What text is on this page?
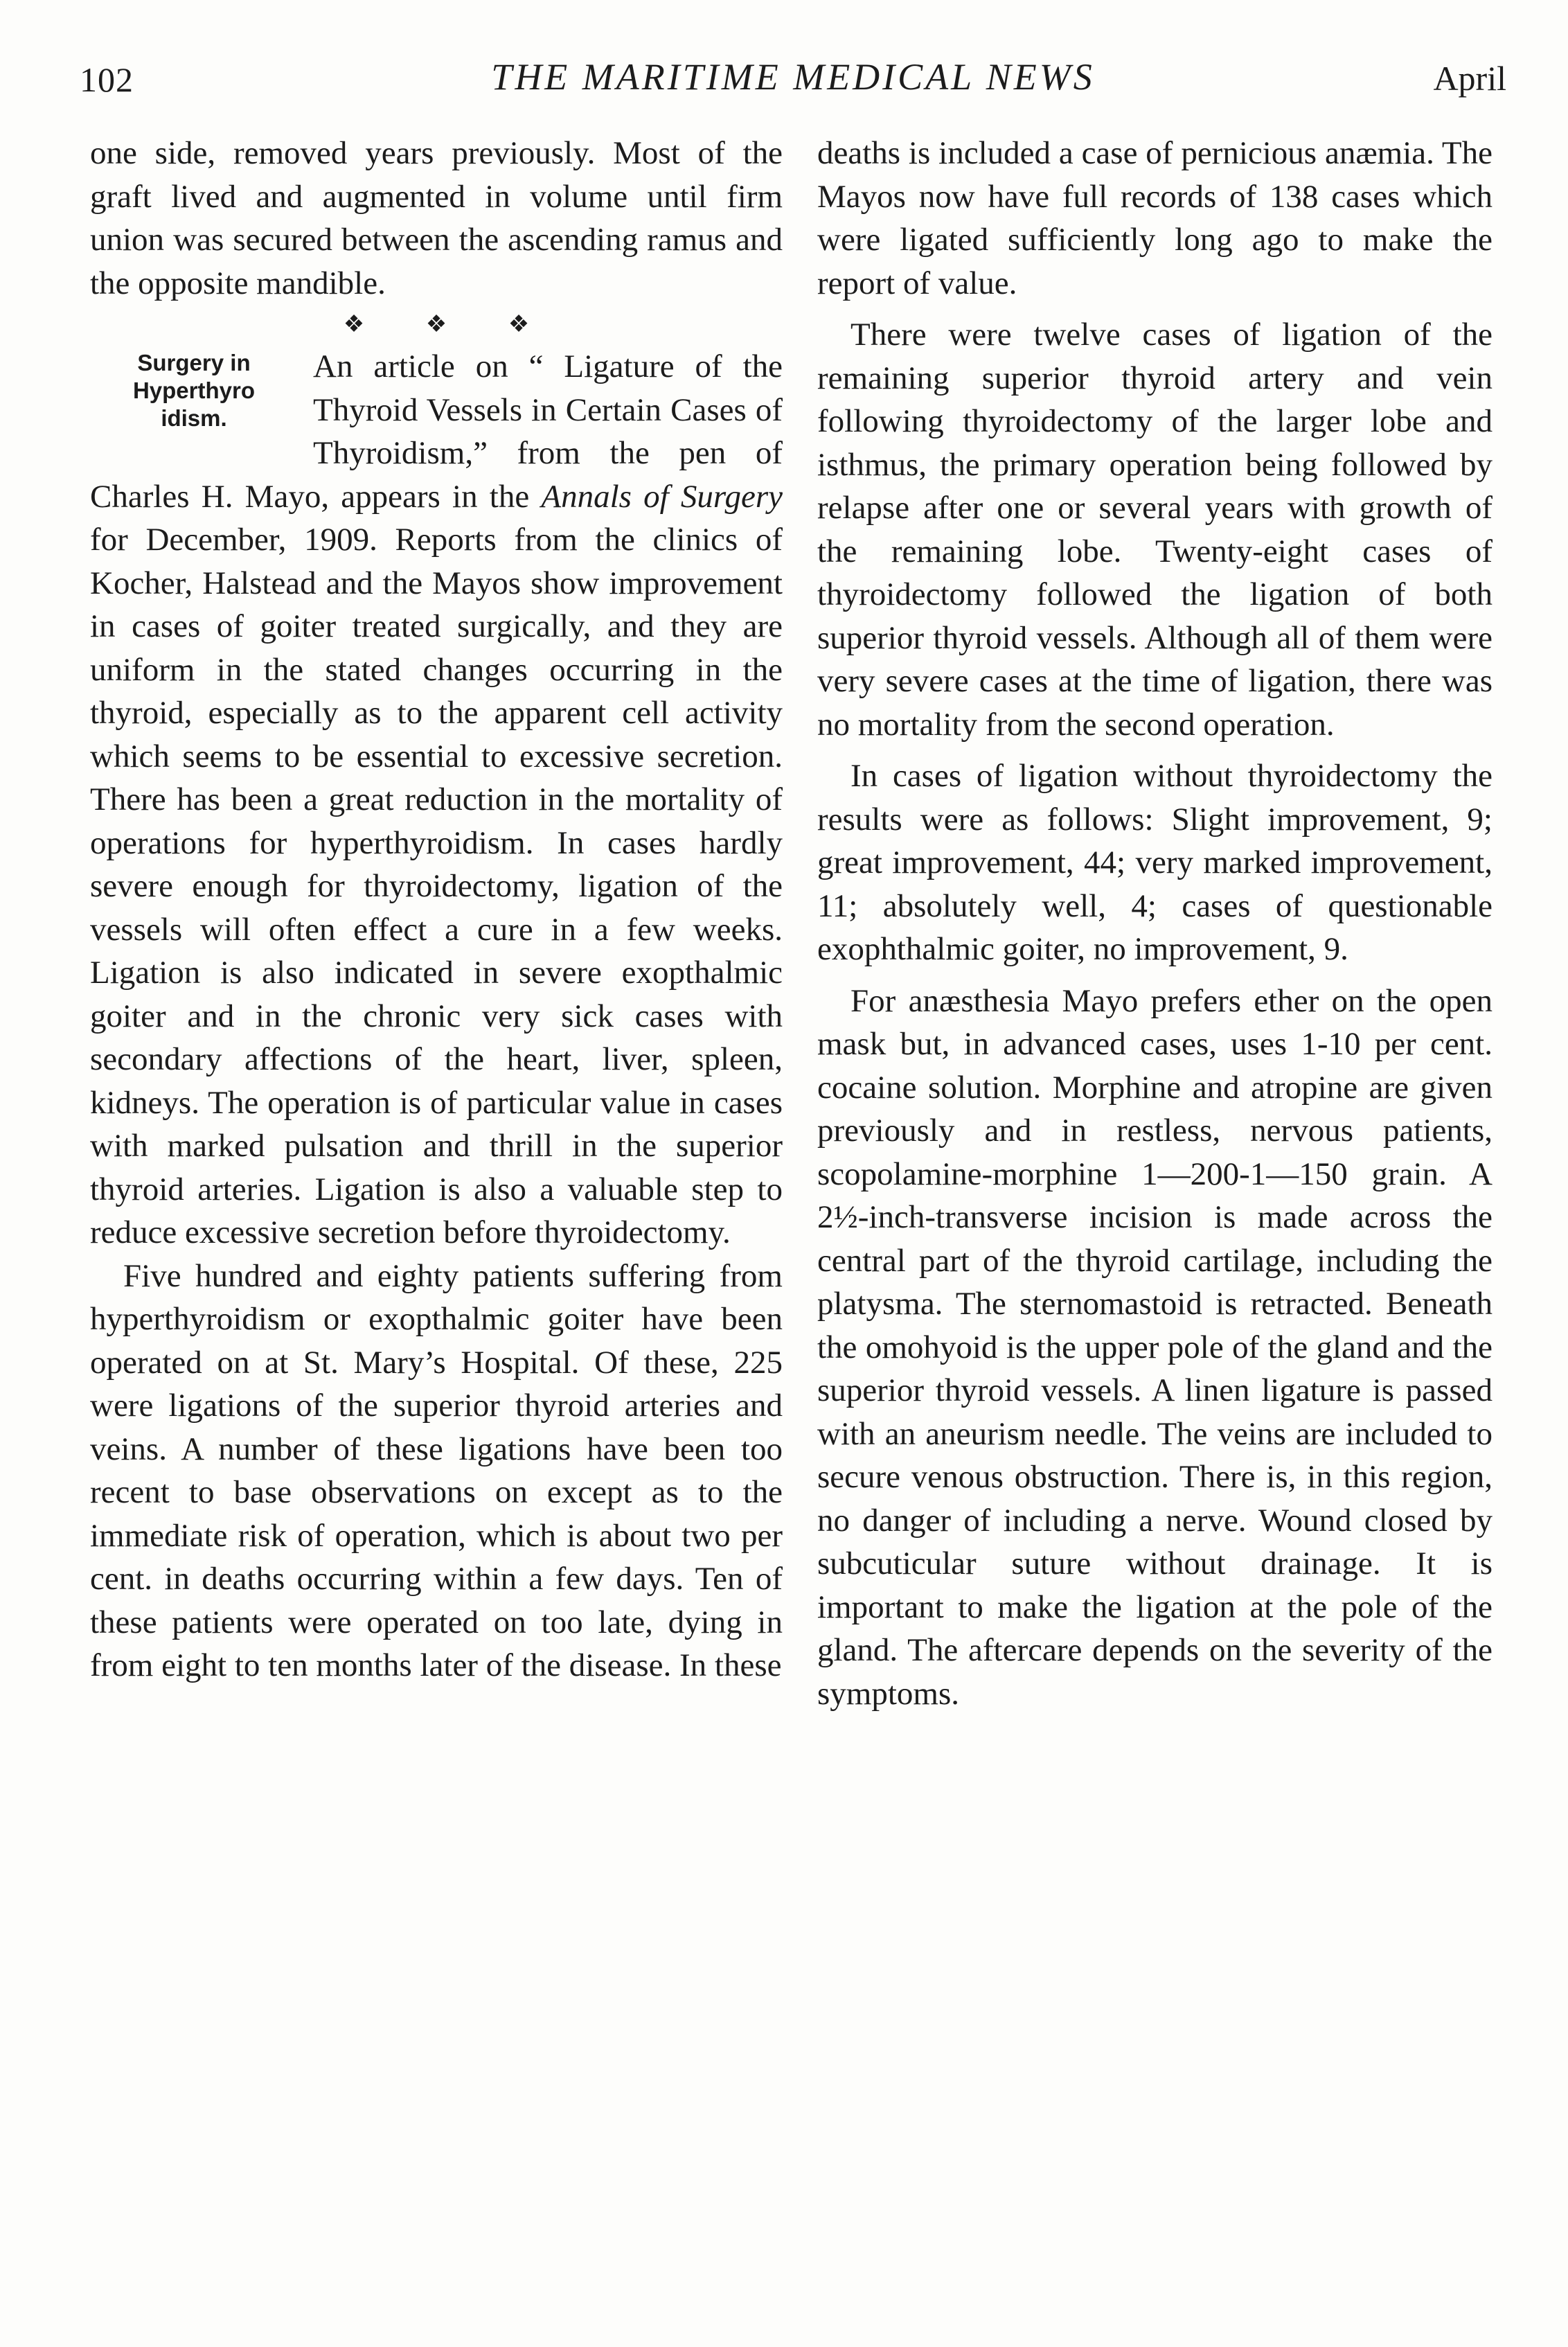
102	THE MARITIME MEDICAL NEWS	April

one side, removed years previously. Most of the graft lived and augmented in volume until firm union was secured between the ascending ramus and the opposite mandible.

❖ ❖ ❖
Surgery in
Hyperthyro
idism.

An article on “ Ligature of the Thyroid Vessels in Certain Cases of Thyroidism,” from the pen of Charles H. Mayo, appears in the Annals of Surgery for December, 1909. Reports from the clinics of Kocher, Halstead and the Mayos show improvement in cases of goiter treated surgically, and they are uniform in the stated changes occurring in the thyroid, especially as to the apparent cell activity which seems to be essential to excessive secretion. There has been a great reduction in the mortality of operations for hyperthyroidism. In cases hardly severe enough for thyroidectomy, ligation of the vessels will often effect a cure in a few weeks. Ligation is also indicated in severe exopthalmic goiter and in the chronic very sick cases with secondary affections of the heart, liver, spleen, kidneys. The operation is of particular value in cases with marked pulsation and thrill in the superior thyroid arteries. Ligation is also a valuable step to reduce excessive secretion before thyroidectomy.

Five hundred and eighty patients suffering from hyperthyroidism or exopthalmic goiter have been operated on at St. Mary’s Hospital. Of these, 225 were ligations of the superior thyroid arteries and veins. A number of these ligations have been too recent to base observations on except as to the immediate risk of operation, which is about two per cent. in deaths occurring within a few days. Ten of these patients were operated on too late, dying in from eight to ten months later of the disease. In these

deaths is included a case of pernicious anæmia. The Mayos now have full records of 138 cases which were ligated sufficiently long ago to make the report of value.

There were twelve cases of ligation of the remaining superior thyroid artery and vein following thyroidectomy of the larger lobe and isthmus, the primary operation being followed by relapse after one or several years with growth of the remaining lobe. Twenty-eight cases of thyroidectomy followed the ligation of both superior thyroid vessels. Although all of them were very severe cases at the time of ligation, there was no mortality from the second operation.

In cases of ligation without thyroidectomy the results were as follows: Slight improvement, 9; great improvement, 44; very marked improvement, 11; absolutely well, 4; cases of questionable exophthalmic goiter, no improvement, 9.

For anæsthesia Mayo prefers ether on the open mask but, in advanced cases, uses 1-10 per cent. cocaine solution. Morphine and atropine are given previously and in restless, nervous patients, scopolamine-morphine 1—200-1—150 grain. A 2½-inch-transverse incision is made across the central part of the thyroid cartilage, including the platysma. The sternomastoid is retracted. Beneath the omohyoid is the upper pole of the gland and the superior thyroid vessels. A linen ligature is passed with an aneurism needle. The veins are included to secure venous obstruction. There is, in this region, no danger of including a nerve. Wound closed by subcuticular suture without drainage. It is important to make the ligation at the pole of the gland. The aftercare depends on the severity of the symptoms.
